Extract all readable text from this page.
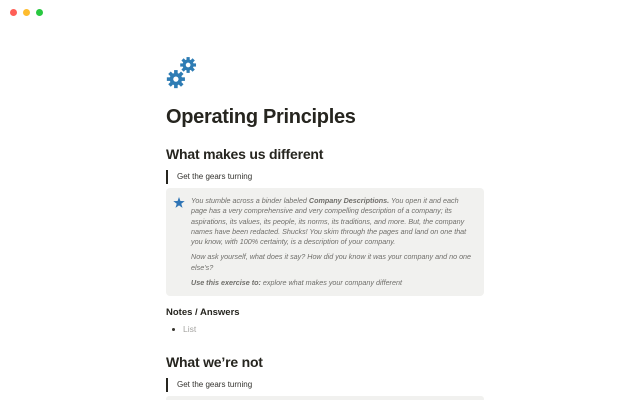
Operating Principles
What makes us different
Get the gears turning

You stumble across a binder labeled Company Descriptions. You open it and each page has a very comprehensive and very compelling description of a company; its aspirations, its values, its people, its norms, its traditions, and more. But, the company names have been redacted. Shucks! You skim through the pages and land on one that you know, with 100% certainty, is a description of your company.

Now ask yourself, what does it say? How did you know it was your company and no one else’s?

Use this exercise to: explore what makes your company different

Notes / Answers
List
What we’re not
Get the gears turning
